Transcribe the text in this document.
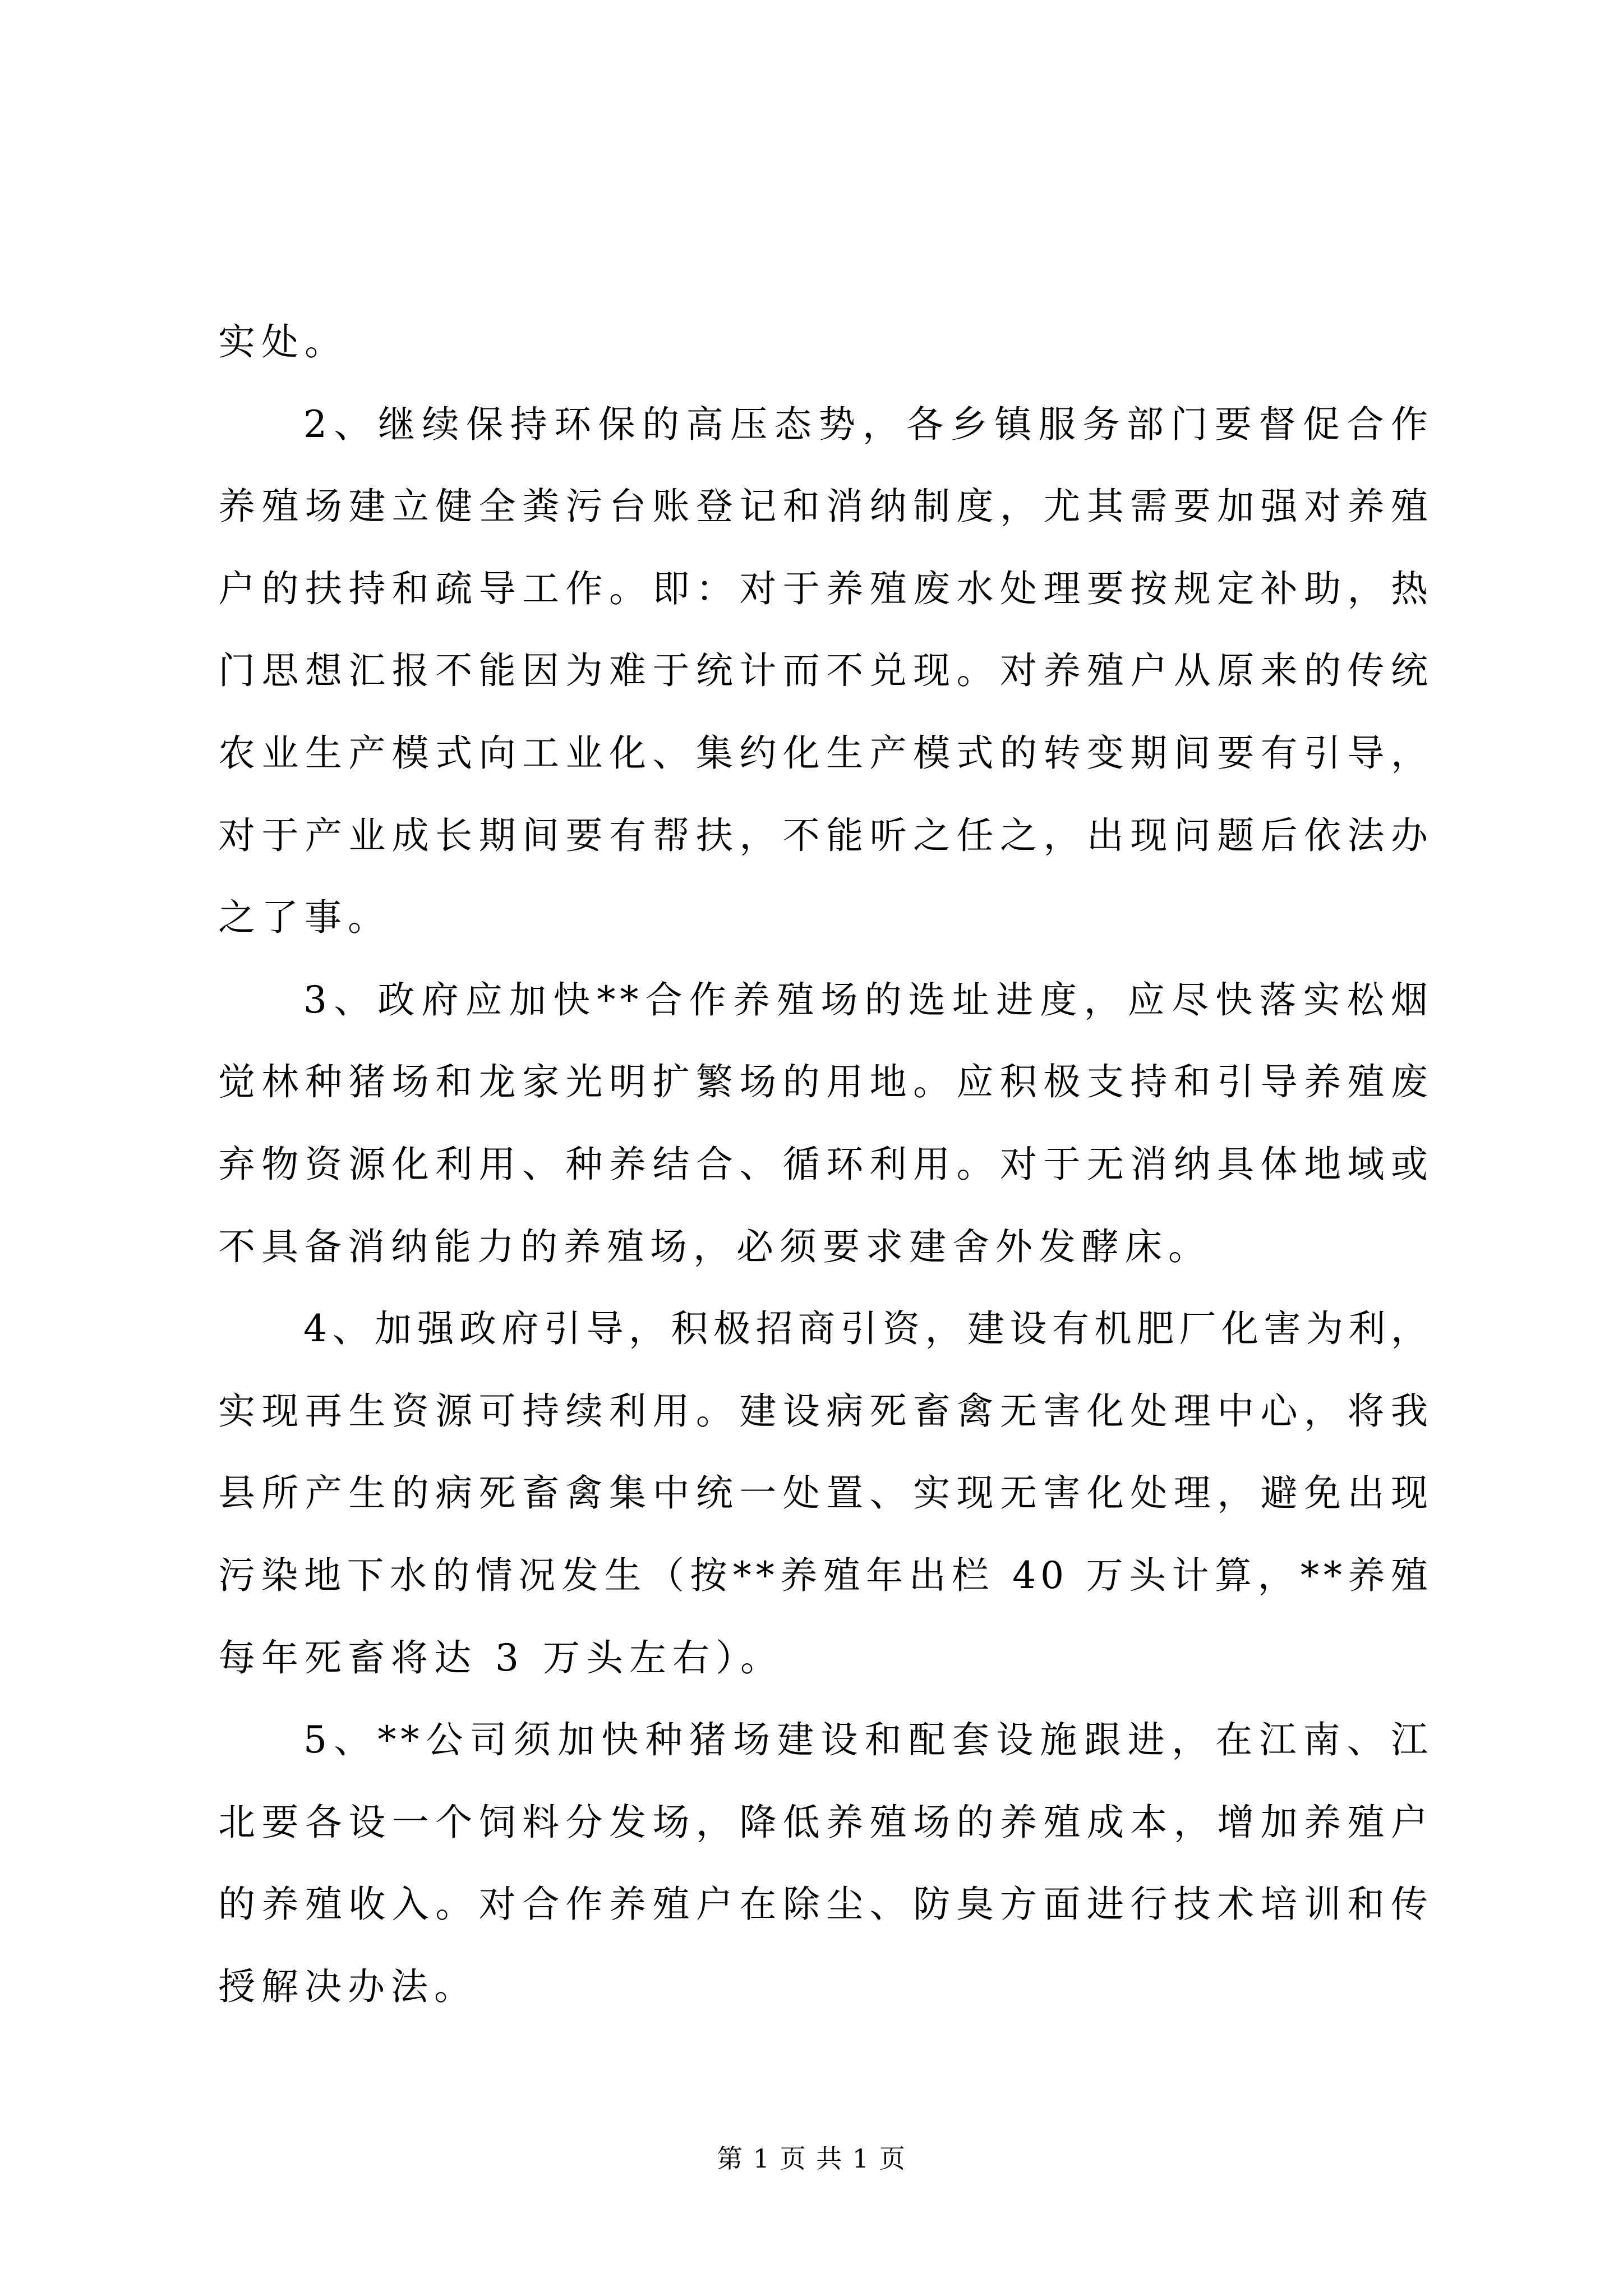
实处。
2、继续保持环保的高压态势，各乡镇服务部门要督促合作
养殖场建立健全粪污台账登记和消纳制度，尤其需要加强对养殖
户的扶持和疏导工作。即：对于养殖废水处理要按规定补助，热
门思想汇报不能因为难于统计而不兑现。对养殖户从原来的传统
农业生产模式向工业化、集约化生产模式的转变期间要有引导，
对于产业成长期间要有帮扶，不能听之任之，出现问题后依法办
之了事。
3、政府应加快**合作养殖场的选址进度，应尽快落实松烟
觉林种猪场和龙家光明扩繁场的用地。应积极支持和引导养殖废
弃物资源化利用、种养结合、循环利用。对于无消纳具体地域或
不具备消纳能力的养殖场，必须要求建舍外发酵床。
4、加强政府引导，积极招商引资，建设有机肥厂化害为利，
实现再生资源可持续利用。建设病死畜禽无害化处理中心，将我
县所产生的病死畜禽集中统一处置、实现无害化处理，避免出现
污染地下水的情况发生（按**养殖年出栏 40 万头计算，**养殖
每年死畜将达 3 万头左右）。
5、**公司须加快种猪场建设和配套设施跟进，在江南、江
北要各设一个饲料分发场，降低养殖场的养殖成本，增加养殖户
的养殖收入。对合作养殖户在除尘、防臭方面进行技术培训和传
授解决办法。
第 1 页 共 1 页
